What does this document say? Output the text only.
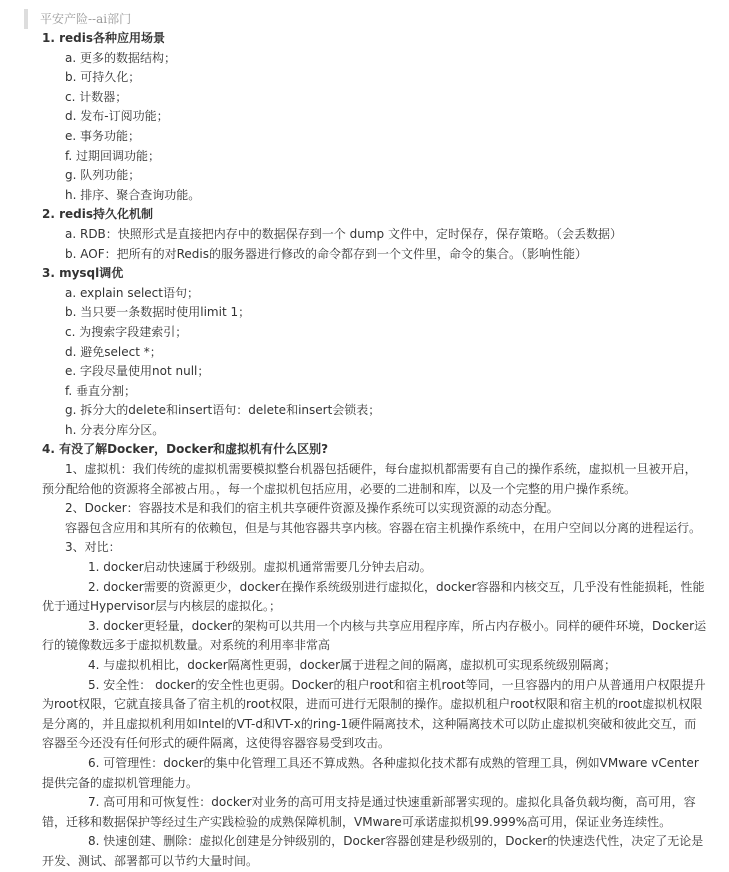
平安产险--ai部门

1. redis各种应用场景

a. 更多的数据结构；

b. 可持久化；

c. 计数器；

d. 发布-订阅功能；

e. 事务功能；

f. 过期回调功能；

g. 队列功能；

h. 排序、聚合查询功能。

2. redis持久化机制

a. RDB：快照形式是直接把内存中的数据保存到一个 dump 文件中，定时保存，保存策略。（会丢数据）

b. AOF：把所有的对Redis的服务器进行修改的命令都存到一个文件里，命令的集合。（影响性能）

3. mysql调优

a. explain select语句；

b. 当只要一条数据时使用limit 1；

c. 为搜索字段建索引；

d. 避免select *；

e. 字段尽量使用not null；

f. 垂直分割；

g. 拆分大的delete和insert语句：delete和insert会锁表；

h. 分表分库分区。

4. 有没了解Docker，Docker和虚拟机有什么区别?

1、虚拟机：我们传统的虚拟机需要模拟整台机器包括硬件，每台虚拟机都需要有自己的操作系统，虚拟机一旦被开启，预分配给他的资源将全部被占用。，每一个虚拟机包括应用，必要的二进制和库，以及一个完整的用户操作系统。

2、Docker：容器技术是和我们的宿主机共享硬件资源及操作系统可以实现资源的动态分配。

容器包含应用和其所有的依赖包，但是与其他容器共享内核。容器在宿主机操作系统中，在用户空间以分离的进程运行。

3、对比：

1. docker启动快速属于秒级别。虚拟机通常需要几分钟去启动。

2. docker需要的资源更少，docker在操作系统级别进行虚拟化，docker容器和内核交互，几乎没有性能损耗，性能优于通过Hypervisor层与内核层的虚拟化。；

3. docker更轻量，docker的架构可以共用一个内核与共享应用程序库，所占内存极小。同样的硬件环境，Docker运行的镜像数远多于虚拟机数量。对系统的利用率非常高

4. 与虚拟机相比，docker隔离性更弱，docker属于进程之间的隔离，虚拟机可实现系统级别隔离；

5. 安全性： docker的安全性也更弱。Docker的租户root和宿主机root等同，一旦容器内的用户从普通用户权限提升为root权限，它就直接具备了宿主机的root权限，进而可进行无限制的操作。虚拟机租户root权限和宿主机的root虚拟机权限是分离的，并且虚拟机利用如Intel的VT-d和VT-x的ring-1硬件隔离技术，这种隔离技术可以防止虚拟机突破和彼此交互，而容器至今还没有任何形式的硬件隔离，这使得容器容易受到攻击。

6. 可管理性：docker的集中化管理工具还不算成熟。各种虚拟化技术都有成熟的管理工具，例如VMware vCenter提供完备的虚拟机管理能力。

7. 高可用和可恢复性：docker对业务的高可用支持是通过快速重新部署实现的。虚拟化具备负载均衡，高可用，容错，迁移和数据保护等经过生产实践检验的成熟保障机制，VMware可承诺虚拟机99.999%高可用，保证业务连续性。

8. 快速创建、删除：虚拟化创建是分钟级别的，Docker容器创建是秒级别的，Docker的快速迭代性，决定了无论是开发、测试、部署都可以节约大量时间。
